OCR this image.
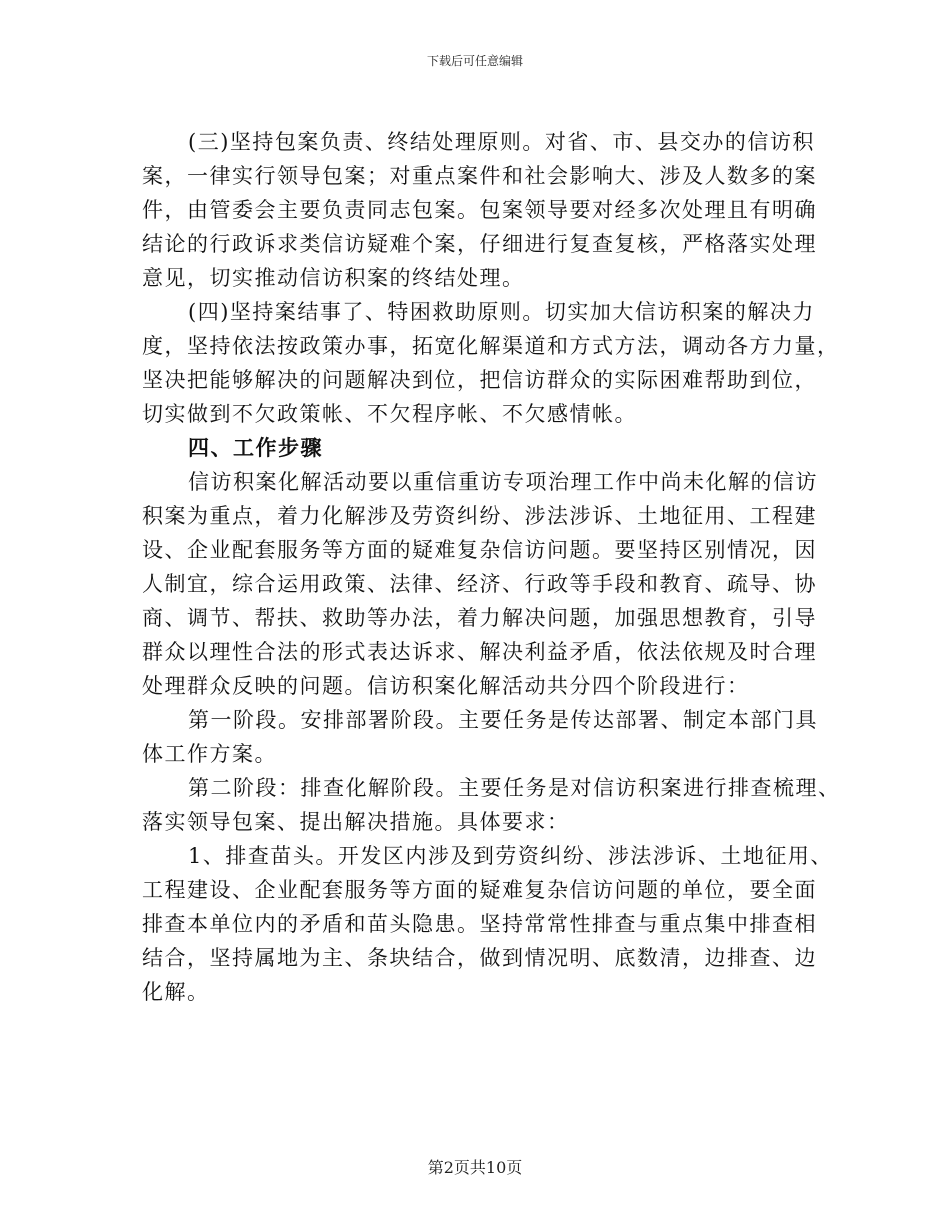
下载后可任意编辑
(三)坚持包案负责、终结处理原则。对省、市、县交办的信访积
案，一律实行领导包案；对重点案件和社会影响大、涉及人数多的案
件，由管委会主要负责同志包案。包案领导要对经多次处理且有明确
结论的行政诉求类信访疑难个案，仔细进行复查复核，严格落实处理
意见，切实推动信访积案的终结处理。
(四)坚持案结事了、特困救助原则。切实加大信访积案的解决力
度，坚持依法按政策办事，拓宽化解渠道和方式方法，调动各方力量，
坚决把能够解决的问题解决到位，把信访群众的实际困难帮助到位，
切实做到不欠政策帐、不欠程序帐、不欠感情帐。
四、工作步骤
信访积案化解活动要以重信重访专项治理工作中尚未化解的信访
积案为重点，着力化解涉及劳资纠纷、涉法涉诉、土地征用、工程建
设、企业配套服务等方面的疑难复杂信访问题。要坚持区别情况，因
人制宜，综合运用政策、法律、经济、行政等手段和教育、疏导、协
商、调节、帮扶、救助等办法，着力解决问题，加强思想教育，引导
群众以理性合法的形式表达诉求、解决利益矛盾，依法依规及时合理
处理群众反映的问题。信访积案化解活动共分四个阶段进行：
第一阶段。安排部署阶段。主要任务是传达部署、制定本部门具
体工作方案。
第二阶段：排查化解阶段。主要任务是对信访积案进行排查梳理、
落实领导包案、提出解决措施。具体要求：
1、排查苗头。开发区内涉及到劳资纠纷、涉法涉诉、土地征用、
工程建设、企业配套服务等方面的疑难复杂信访问题的单位，要全面
排查本单位内的矛盾和苗头隐患。坚持常常性排查与重点集中排查相
结合，坚持属地为主、条块结合，做到情况明、底数清，边排查、边
化解。
第2页共10页
